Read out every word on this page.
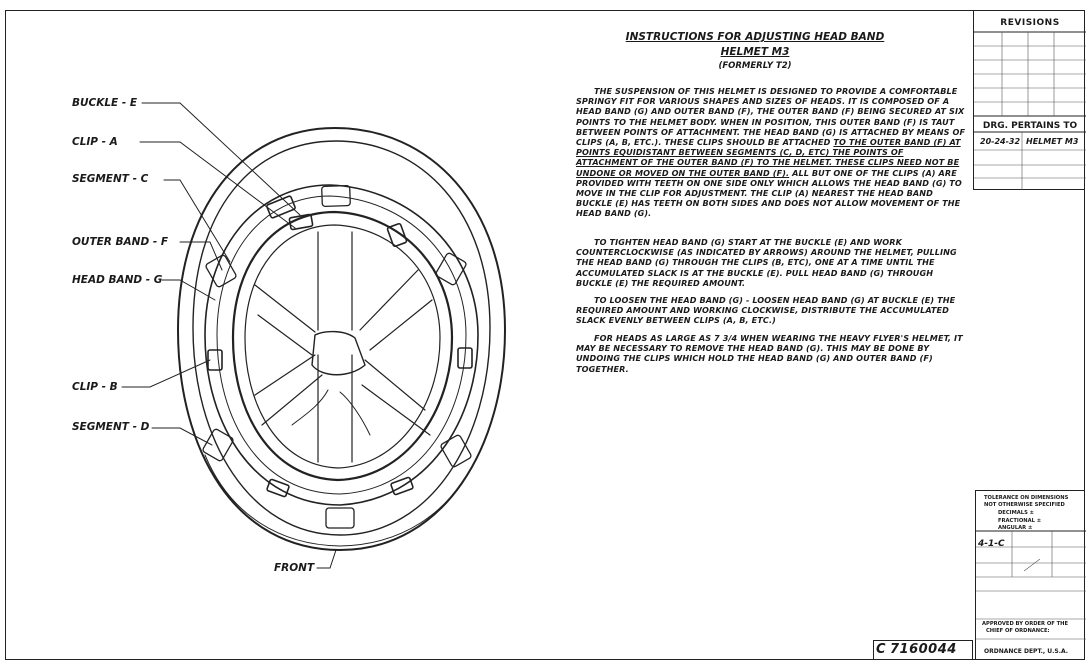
REVISIONS
DRG. PERTAINS TO
20-24-32 HELMET M3
INSTRUCTIONS FOR ADJUSTING HEAD BAND
HELMET M3
(FORMERLY T2)

THE SUSPENSION OF THIS HELMET IS DESIGNED TO PROVIDE A COMFORTABLE SPRINGY FIT FOR VARIOUS SHAPES AND SIZES OF HEADS. IT IS COMPOSED OF A HEAD BAND (G) AND OUTER BAND (F), THE OUTER BAND (F) BEING SECURED AT SIX POINTS TO THE HELMET BODY. WHEN IN POSITION, THIS OUTER BAND (F) IS TAUT BETWEEN POINTS OF ATTACHMENT. THE HEAD BAND (G) IS ATTACHED BY MEANS OF CLIPS (A, B, ETC.). THESE CLIPS SHOULD BE ATTACHED TO THE OUTER BAND (F) AT POINTS EQUIDISTANT BETWEEN SEGMENTS (C, D, ETC) THE POINTS OF ATTACHMENT OF THE OUTER BAND (F) TO THE HELMET. THESE CLIPS NEED NOT BE UNDONE OR MOVED ON THE OUTER BAND (F). ALL BUT ONE OF THE CLIPS (A) ARE PROVIDED WITH TEETH ON ONE SIDE ONLY WHICH ALLOWS THE HEAD BAND (G) TO MOVE IN THE CLIP FOR ADJUSTMENT. THE CLIP (A) NEAREST THE HEAD BAND BUCKLE (E) HAS TEETH ON BOTH SIDES AND DOES NOT ALLOW MOVEMENT OF THE HEAD BAND (G).

TO TIGHTEN HEAD BAND (G) START AT THE BUCKLE (E) AND WORK COUNTERCLOCKWISE (AS INDICATED BY ARROWS) AROUND THE HELMET, PULLING THE HEAD BAND (G) THROUGH THE CLIPS (B, ETC), ONE AT A TIME UNTIL THE ACCUMULATED SLACK IS AT THE BUCKLE (E). PULL HEAD BAND (G) THROUGH BUCKLE (E) THE REQUIRED AMOUNT.

TO LOOSEN THE HEAD BAND (G) - LOOSEN HEAD BAND (G) AT BUCKLE (E) THE REQUIRED AMOUNT AND WORKING CLOCKWISE, DISTRIBUTE THE ACCUMULATED SLACK EVENLY BETWEEN CLIPS (A, B, ETC.)

FOR HEADS AS LARGE AS 7 3/4 WHEN WEARING THE HEAVY FLYER'S HELMET, IT MAY BE NECESSARY TO REMOVE THE HEAD BAND (G). THIS MAY BE DONE BY UNDOING THE CLIPS WHICH HOLD THE HEAD BAND (G) AND OUTER BAND (F) TOGETHER.

BUCKLE - E
CLIP - A
SEGMENT - C
OUTER BAND - F
HEAD BAND - G
CLIP - B
SEGMENT - D
FRONT
TOLERANCE ON DIMENSIONS
NOT OTHERWISE SPECIFIED
DECIMALS ±
FRACTIONAL ±
ANGULAR ±
4-1-C
APPROVED BY ORDER OF THE
CHIEF OF ORDNANCE:
ORDNANCE DEPT., U.S.A.
C 7160044
